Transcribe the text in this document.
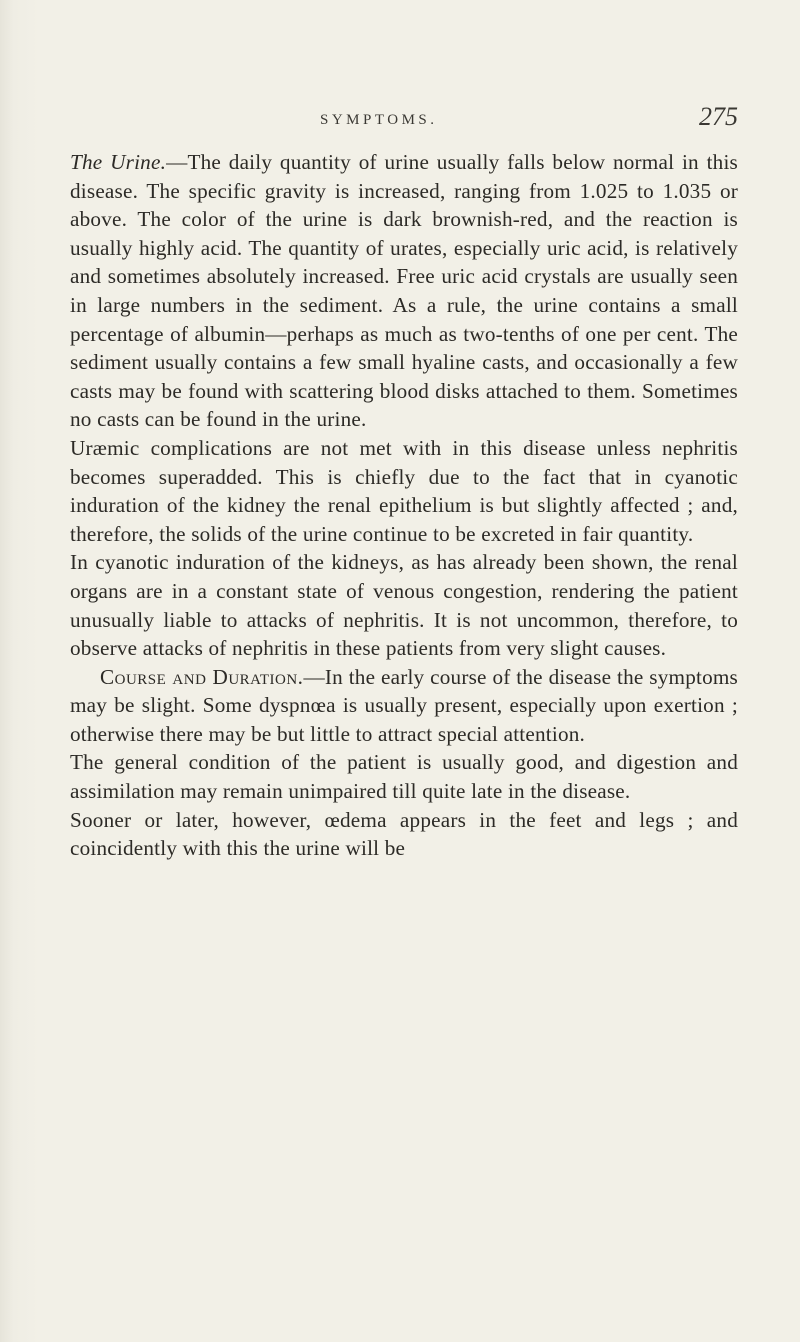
SYMPTOMS.	275

The Urine.—The daily quantity of urine usually falls below normal in this disease. The specific gravity is increased, ranging from 1.025 to 1.035 or above. The color of the urine is dark brownish-red, and the reaction is usually highly acid. The quantity of urates, especially uric acid, is relatively and sometimes absolutely increased. Free uric acid crystals are usually seen in large numbers in the sediment. As a rule, the urine contains a small percentage of albumin—perhaps as much as two-tenths of one per cent. The sediment usually contains a few small hyaline casts, and occasionally a few casts may be found with scattering blood disks attached to them. Sometimes no casts can be found in the urine.

Uræmic complications are not met with in this disease unless nephritis becomes superadded. This is chiefly due to the fact that in cyanotic induration of the kidney the renal epithelium is but slightly affected ; and, therefore, the solids of the urine continue to be excreted in fair quantity.

In cyanotic induration of the kidneys, as has already been shown, the renal organs are in a constant state of venous congestion, rendering the patient unusually liable to attacks of nephritis. It is not uncommon, therefore, to observe attacks of nephritis in these patients from very slight causes.

Course and Duration.—In the early course of the disease the symptoms may be slight. Some dyspnœa is usually present, especially upon exertion ; otherwise there may be but little to attract special attention.

The general condition of the patient is usually good, and digestion and assimilation may remain unimpaired till quite late in the disease.

Sooner or later, however, œdema appears in the feet and legs ; and coincidently with this the urine will be
